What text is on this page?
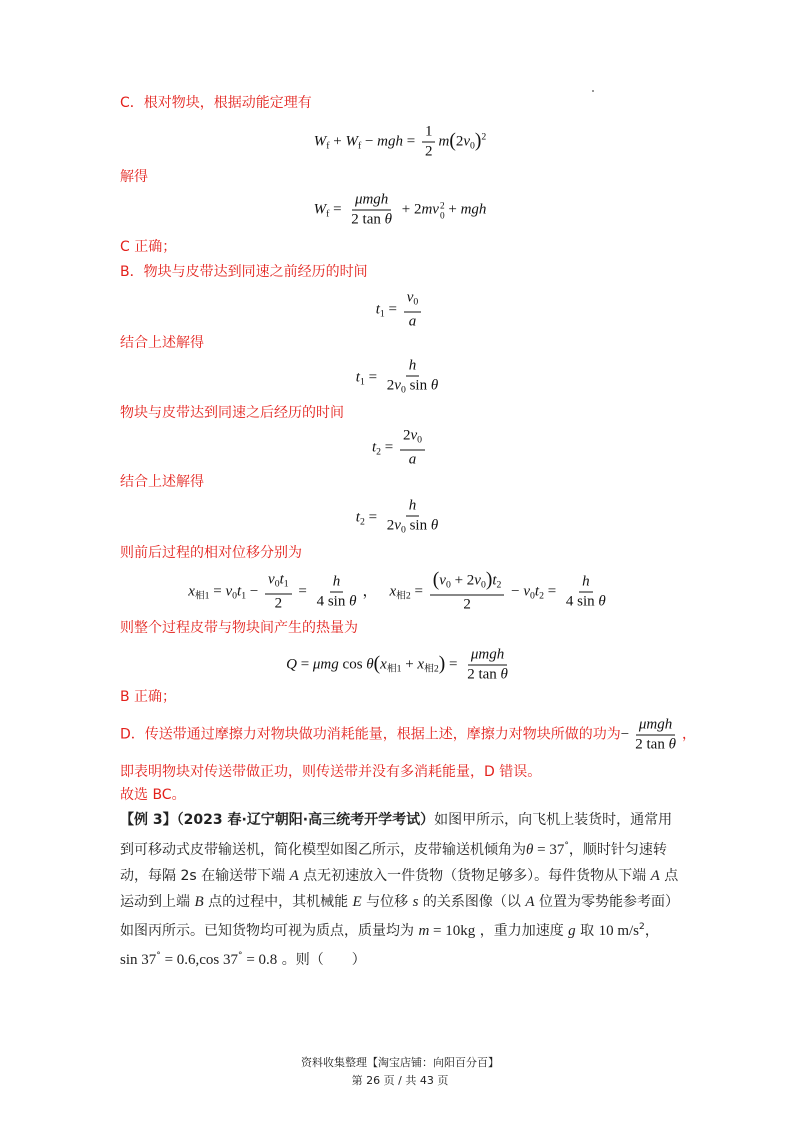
C．根对物块，根据动能定理有
$W_f + W_f$ − mgh = $\frac{1}{2} m(2v_0)^2$
解得
$W_f = \frac{\text{μmgh}}{\text{2 tan θ}} + 2mv$ 2
0 + mgh
C 正确；
B．物块与皮带达到同速之前经历的时间
$t_1 = \frac{v_0}{a}$
结合上述解得
$t_1 = \frac{h}{2v_0 \sin \theta}$
物块与皮带达到同速之后经历的时间
$t_2 = \frac{2v_0}{a}$
结合上述解得
$t_2 = \frac{h}{2v_0 \sin \theta}$
则前后过程的相对位移分别为
$x_{相1} = v_0t_1 - \frac{v_0t_1}{2} = \frac{h}{\text{4 sin θ}}$ ， $x_{相2} = \frac{(v_0 + 2v_0)t_2}{2} - v_0t_2 = \frac{h}{\text{4 sin θ}}$
则整个过程皮带与物块间产生的热量为
Q = μmg $\cos \theta(x_{相1} + x_{相2}) = \frac{\text{μmgh}}{\text{2 tan θ}}$
B 正确；
D．传送带通过摩擦力对物块做功消耗能量，根据上述，摩擦力对物块所做的功为− $\frac{\text{μmgh}}{\text{2 tan θ}}$ ，
即表明物块对传送带做正功，则传送带并没有多消耗能量，D 错误。
故选 BC。
【例 3】（2023 春·辽宁朝阳·高三统考开学考试）如图甲所示，向飞机上装货时，通常用
到可移动式皮带输送机，简化模型如图乙所示，皮带输送机倾角为θ = 37°，顺时针匀速转
动，每隔 2s 在输送带下端 A 点无初速放入一件货物（货物足够多）。每件货物从下端 A 点
运动到上端 B 点的过程中，其机械能 E 与位移 s 的关系图像（以 A 位置为零势能参考面）
如图丙所示。已知货物均可视为质点，质量均为 m = 10kg ，重力加速度 g 取 10 $m/s^2$，
sin 37° = 0.6,cos 37° = 0.8 。则（　　）
资料收集整理【淘宝店铺：向阳百分百】
第 26 页 / 共 43 页
